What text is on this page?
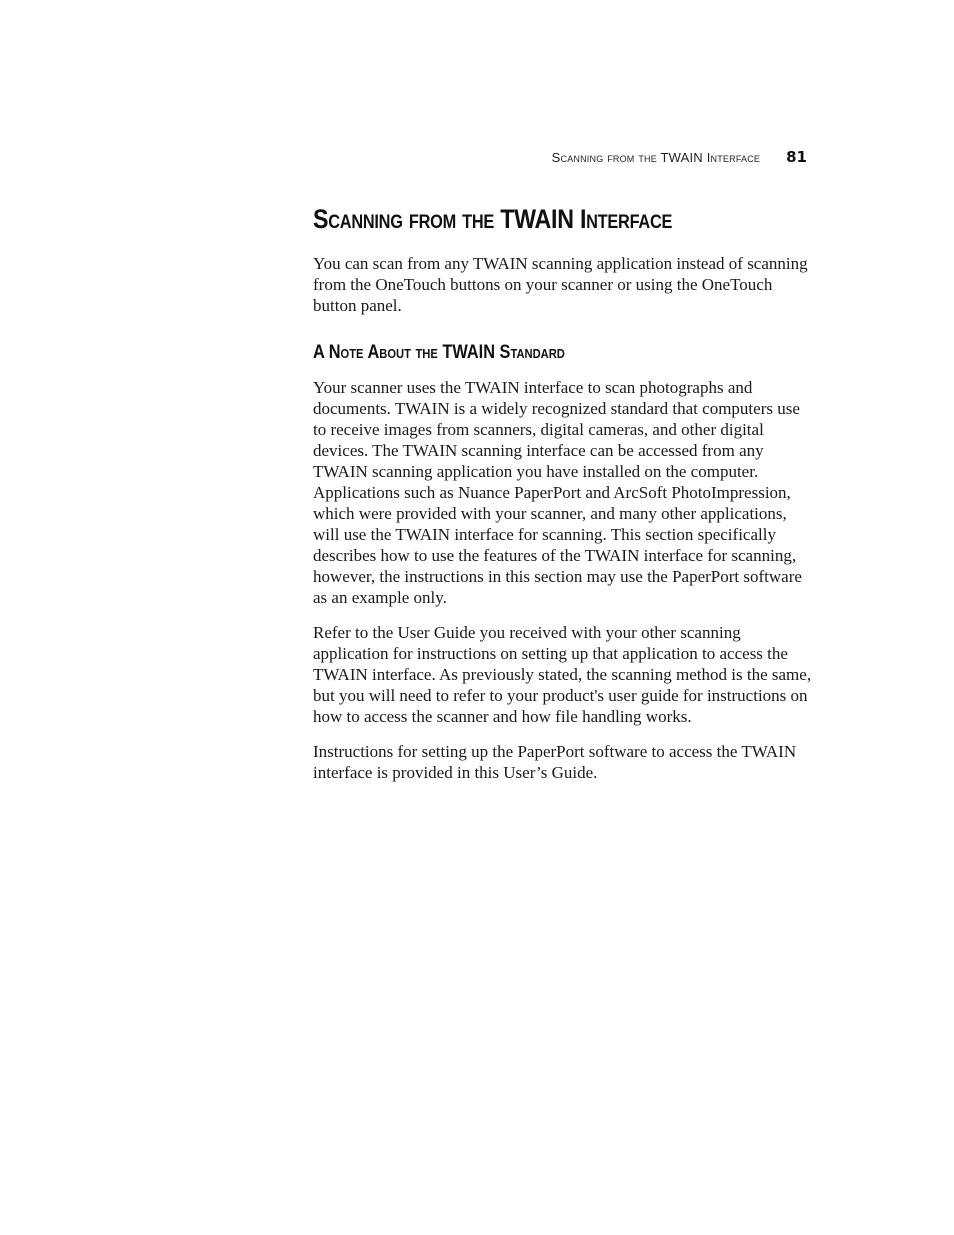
Scanning from the TWAIN Interface 81
Scanning from the TWAIN Interface

You can scan from any TWAIN scanning application instead of scanning from the OneTouch buttons on your scanner or using the OneTouch button panel.

A Note About the TWAIN Standard

Your scanner uses the TWAIN interface to scan photographs and documents. TWAIN is a widely recognized standard that computers use to receive images from scanners, digital cameras, and other digital devices. The TWAIN scanning interface can be accessed from any TWAIN scanning application you have installed on the computer. Applications such as Nuance PaperPort and ArcSoft PhotoImpression, which were provided with your scanner, and many other applications, will use the TWAIN interface for scanning. This section specifically describes how to use the features of the TWAIN interface for scanning, however, the instructions in this section may use the PaperPort software as an example only.

Refer to the User Guide you received with your other scanning application for instructions on setting up that application to access the TWAIN interface. As previously stated, the scanning method is the same, but you will need to refer to your product's user guide for instructions on how to access the scanner and how file handling works.

Instructions for setting up the PaperPort software to access the TWAIN interface is provided in this User’s Guide.
